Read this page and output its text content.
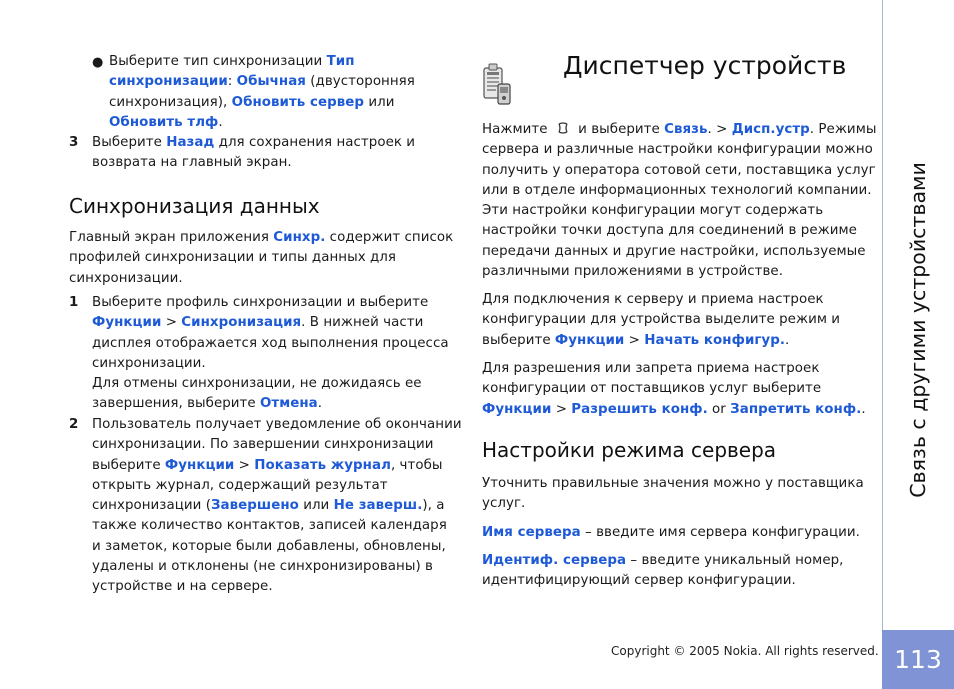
● Выберите тип синхронизации Тип
синхронизации: Обычная (двусторонняя
синхронизация), Обновить сервер или
Обновить тлф.

3 Выберите Назад для сохранения настроек и
возврата на главный экран.

Синхронизация данных

Главный экран приложения Синхр. содержит список
профилей синхронизации и типы данных для
синхронизации.

1 Выберите профиль синхронизации и выберите
Функции > Синхронизация. В нижней части
дисплея отображается ход выполнения процесса
синхронизации.
Для отмены синхронизации, не дожидаясь ее
завершения, выберите Отмена.

2 Пользователь получает уведомление об окончании
синхронизации. По завершении синхронизации
выберите Функции > Показать журнал, чтобы
открыть журнал, содержащий результат
синхронизации (Завершено или Не заверш.), а
также количество контактов, записей календаря
и заметок, которые были добавлены, обновлены,
удалены и отклонены (не синхронизированы) в
устройстве и на сервере.

Диспетчер устройств

Нажмите  и выберите Связь. > Дисп.устр. Режимы
сервера и различные настройки конфигурации можно
получить у оператора сотовой сети, поставщика услуг
или в отделе информационных технологий компании.
Эти настройки конфигурации могут содержать
настройки точки доступа для соединений в режиме
передачи данных и другие настройки, используемые
различными приложениями в устройстве.

Для подключения к серверу и приема настроек
конфигурации для устройства выделите режим и
выберите Функции > Начать конфигур..

Для разрешения или запрета приема настроек
конфигурации от поставщиков услуг выберите
Функции > Разрешить конф. or Запретить конф..

Настройки режима сервера

Уточнить правильные значения можно у поставщика
услуг.

Имя сервера – введите имя сервера конфигурации.

Идентиф. сервера – введите уникальный номер,
идентифицирующий сервер конфигурации.

Copyright © 2005 Nokia. All rights reserved.
Связь с другими устройствами
113
